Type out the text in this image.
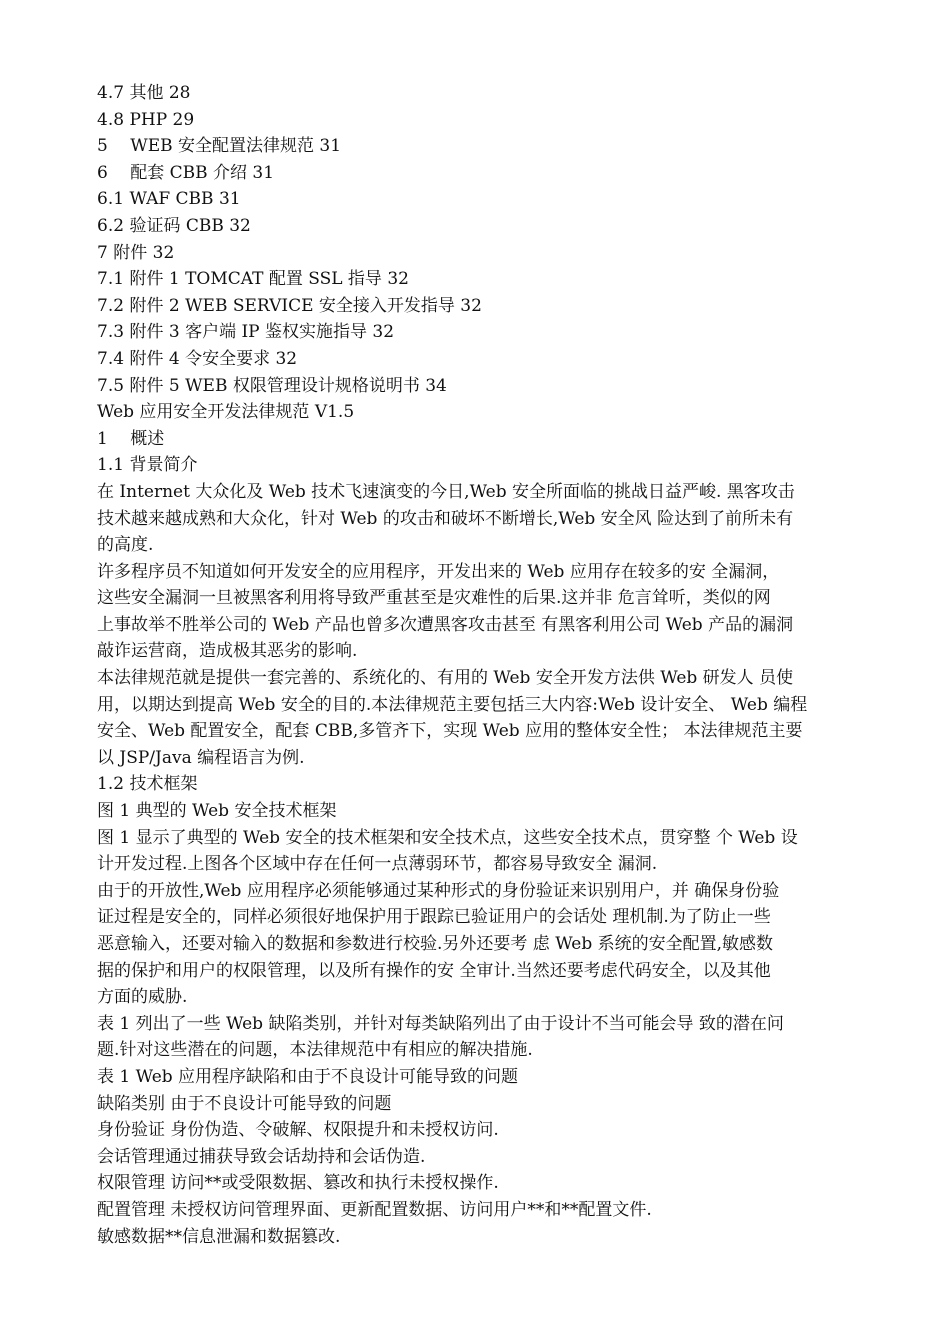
4.7 其他 28
4.8 PHP 29
5　 WEB 安全配置法律规范 31
6　 配套 CBB 介绍 31
6.1 WAF CBB 31
6.2 验证码 CBB 32
7 附件 32
7.1 附件 1 TOMCAT 配置 SSL 指导 32
7.2 附件 2 WEB SERVICE 安全接入开发指导 32
7.3 附件 3 客户端 IP 鉴权实施指导 32
7.4 附件 4 令安全要求 32
7.5 附件 5 WEB 权限管理设计规格说明书 34
Web 应用安全开发法律规范 V1.5
1　 概述
1.1 背景简介
在 Internet 大众化及 Web 技术飞速演变的今日,Web 安全所面临的挑战日益严峻. 黑客攻击
技术越来越成熟和大众化，针对 Web 的攻击和破坏不断增长,Web 安全风 险达到了前所未有
的高度.
许多程序员不知道如何开发安全的应用程序，开发出来的 Web 应用存在较多的安 全漏洞，
这些安全漏洞一旦被黑客利用将导致严重甚至是灾难性的后果.这并非 危言耸听，类似的网
上事故举不胜举公司的 Web 产品也曾多次遭黑客攻击甚至 有黑客利用公司 Web 产品的漏洞
敲诈运营商，造成极其恶劣的影响.
本法律规范就是提供一套完善的、系统化的、有用的 Web 安全开发方法供 Web 研发人 员使
用，以期达到提高 Web 安全的目的.本法律规范主要包括三大内容:Web 设计安全、 Web 编程
安全、Web 配置安全，配套 CBB,多管齐下，实现 Web 应用的整体安全性； 本法律规范主要
以 JSP/Java 编程语言为例.
1.2 技术框架
图 1 典型的 Web 安全技术框架
图 1 显示了典型的 Web 安全的技术框架和安全技术点，这些安全技术点，贯穿整 个 Web 设
计开发过程.上图各个区域中存在任何一点薄弱环节，都容易导致安全 漏洞.
由于的开放性,Web 应用程序必须能够通过某种形式的身份验证来识别用户，并 确保身份验
证过程是安全的，同样必须很好地保护用于跟踪已验证用户的会话处 理机制.为了防止一些
恶意输入，还要对输入的数据和参数进行校验.另外还要考 虑 Web 系统的安全配置,敏感数
据的保护和用户的权限管理，以及所有操作的安 全审计.当然还要考虑代码安全，以及其他
方面的威胁.
表 1 列出了一些 Web 缺陷类别，并针对每类缺陷列出了由于设计不当可能会导 致的潜在问
题.针对这些潜在的问题，本法律规范中有相应的解决措施.
表 1 Web 应用程序缺陷和由于不良设计可能导致的问题
缺陷类别 由于不良设计可能导致的问题
身份验证 身份伪造、令破解、权限提升和未授权访问.
会话管理通过捕获导致会话劫持和会话伪造.
权限管理 访问**或受限数据、篡改和执行未授权操作.
配置管理 未授权访问管理界面、更新配置数据、访问用户**和**配置文件.
敏感数据**信息泄漏和数据篡改.
